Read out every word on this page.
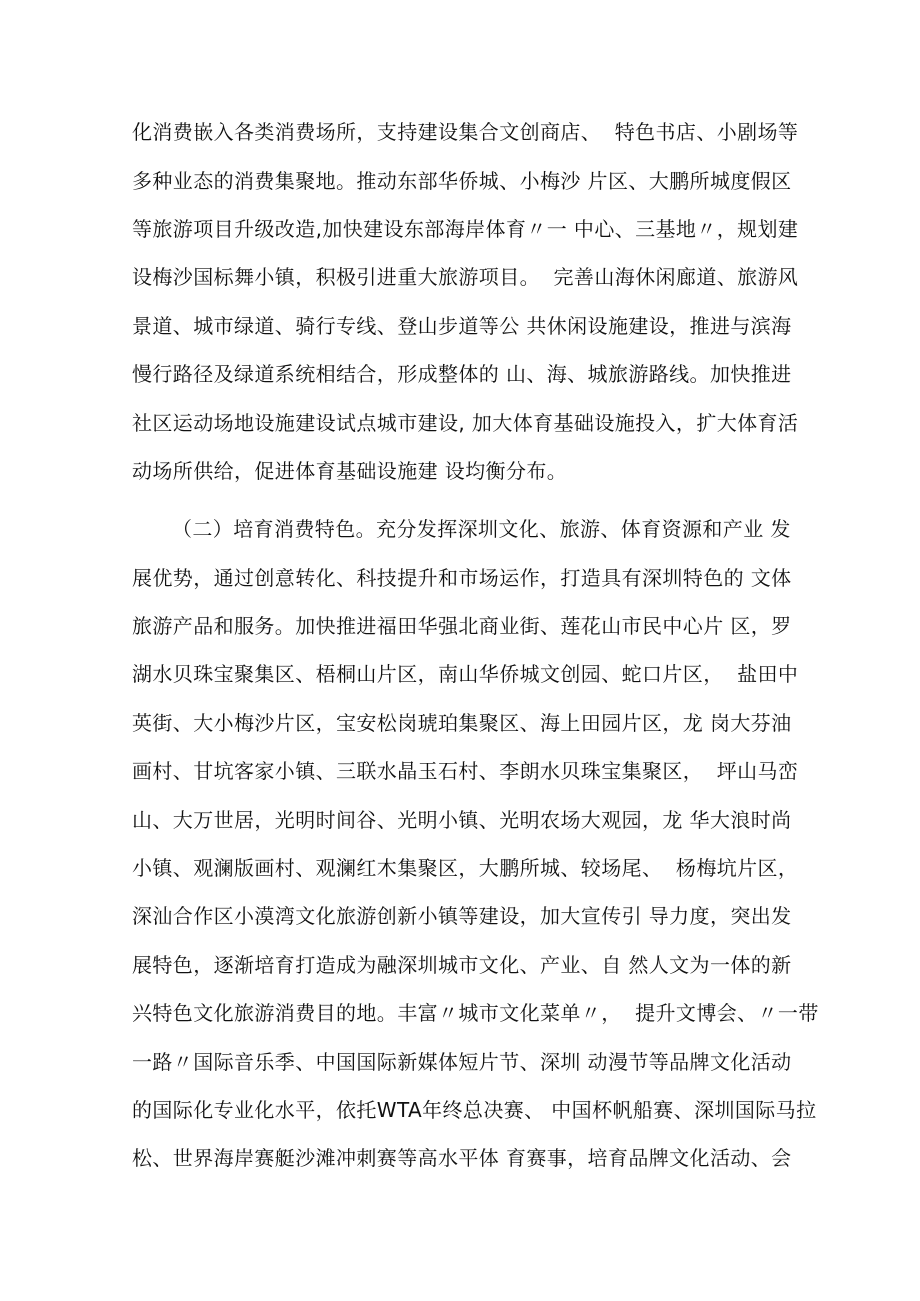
化消费嵌入各类消费场所，支持建设集合文创商店、  特色书店、小剧场等
多种业态的消费集聚地。推动东部华侨城、小梅沙 片区、大鹏所城度假区
等旅游项目升级改造,加快建设东部海岸体育〃一 中心、三基地〃，规划建
设梅沙国标舞小镇，积极引进重大旅游项目。  完善山海休闲廊道、旅游风
景道、城市绿道、骑行专线、登山步道等公 共休闲设施建设，推进与滨海
慢行路径及绿道系统相结合，形成整体的 山、海、城旅游路线。加快推进
社区运动场地设施建设试点城市建设, 加大体育基础设施投入，扩大体育活
动场所供给，促进体育基础设施建 设均衡分布。
（二）培育消费特色。充分发挥深圳文化、旅游、体育资源和产业 发
展优势，通过创意转化、科技提升和市场运作，打造具有深圳特色的 文体
旅游产品和服务。加快推进福田华强北商业街、莲花山市民中心片 区，罗
湖水贝珠宝聚集区、梧桐山片区，南山华侨城文创园、蛇口片区，  盐田中
英街、大小梅沙片区，宝安松岗琥珀集聚区、海上田园片区，龙 岗大芬油
画村、甘坑客家小镇、三联水晶玉石村、李朗水贝珠宝集聚区，  坪山马峦
山、大万世居，光明时间谷、光明小镇、光明农场大观园，龙 华大浪时尚
小镇、观澜版画村、观澜红木集聚区，大鹏所城、较场尾、  杨梅坑片区，
深汕合作区小漠湾文化旅游创新小镇等建设，加大宣传引 导力度，突出发
展特色，逐渐培育打造成为融深圳城市文化、产业、自 然人文为一体的新
兴特色文化旅游消费目的地。丰富〃城市文化菜单〃，  提升文博会、〃一带
一路〃国际音乐季、中国国际新媒体短片节、深圳 动漫节等品牌文化活动
的国际化专业化水平，依托WTA年终总决赛、 中国杯帆船赛、深圳国际马拉
松、世界海岸赛艇沙滩冲刺赛等高水平体 育赛事，培育品牌文化活动、会
